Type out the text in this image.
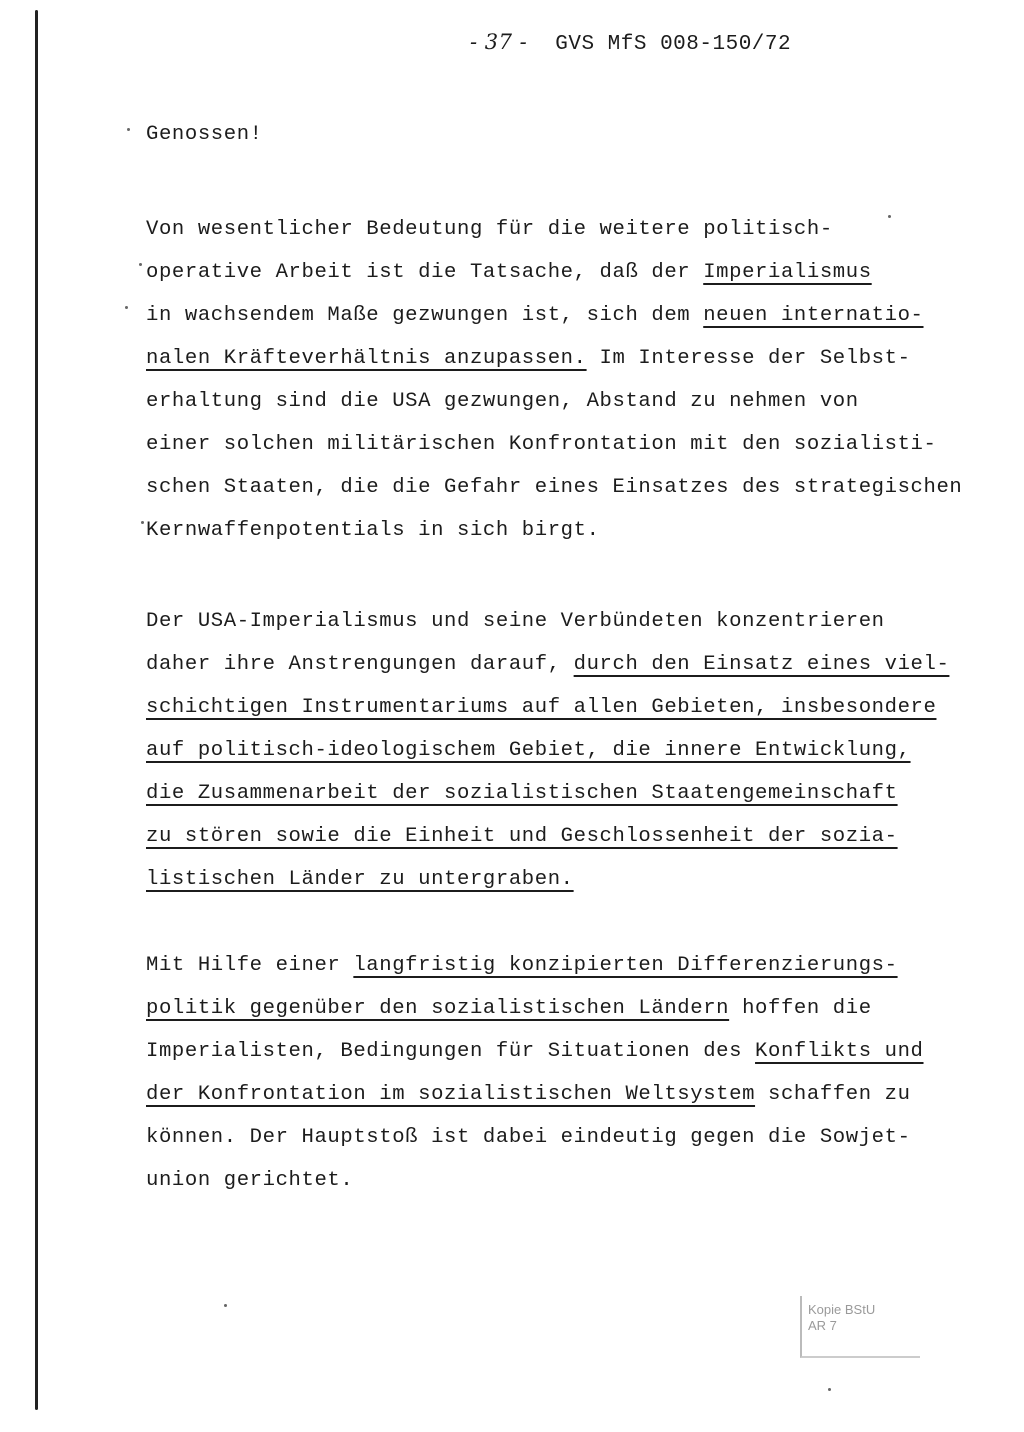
- 37 - GVS MfS 008-150/72
Genossen!
Von wesentlicher Bedeutung für die weitere politisch-
operative Arbeit ist die Tatsache, daß der Imperialismus
in wachsendem Maße gezwungen ist, sich dem neuen internatio-
nalen Kräfteverhältnis anzupassen. Im Interesse der Selbst-
erhaltung sind die USA gezwungen, Abstand zu nehmen von
einer solchen militärischen Konfrontation mit den sozialisti-
schen Staaten, die die Gefahr eines Einsatzes des strategischen
Kernwaffenpotentials in sich birgt.
Der USA-Imperialismus und seine Verbündeten konzentrieren
daher ihre Anstrengungen darauf, durch den Einsatz eines viel-
schichtigen Instrumentariums auf allen Gebieten, insbesondere
auf politisch-ideologischem Gebiet, die innere Entwicklung,
die Zusammenarbeit der sozialistischen Staatengemeinschaft
zu stören sowie die Einheit und Geschlossenheit der sozia-
listischen Länder zu untergraben.
Mit Hilfe einer langfristig konzipierten Differenzierungs-
politik gegenüber den sozialistischen Ländern hoffen die
Imperialisten, Bedingungen für Situationen des Konflikts und
der Konfrontation im sozialistischen Weltsystem schaffen zu
können. Der Hauptstoß ist dabei eindeutig gegen die Sowjet-
union gerichtet.
Kopie BStU
AR 7
